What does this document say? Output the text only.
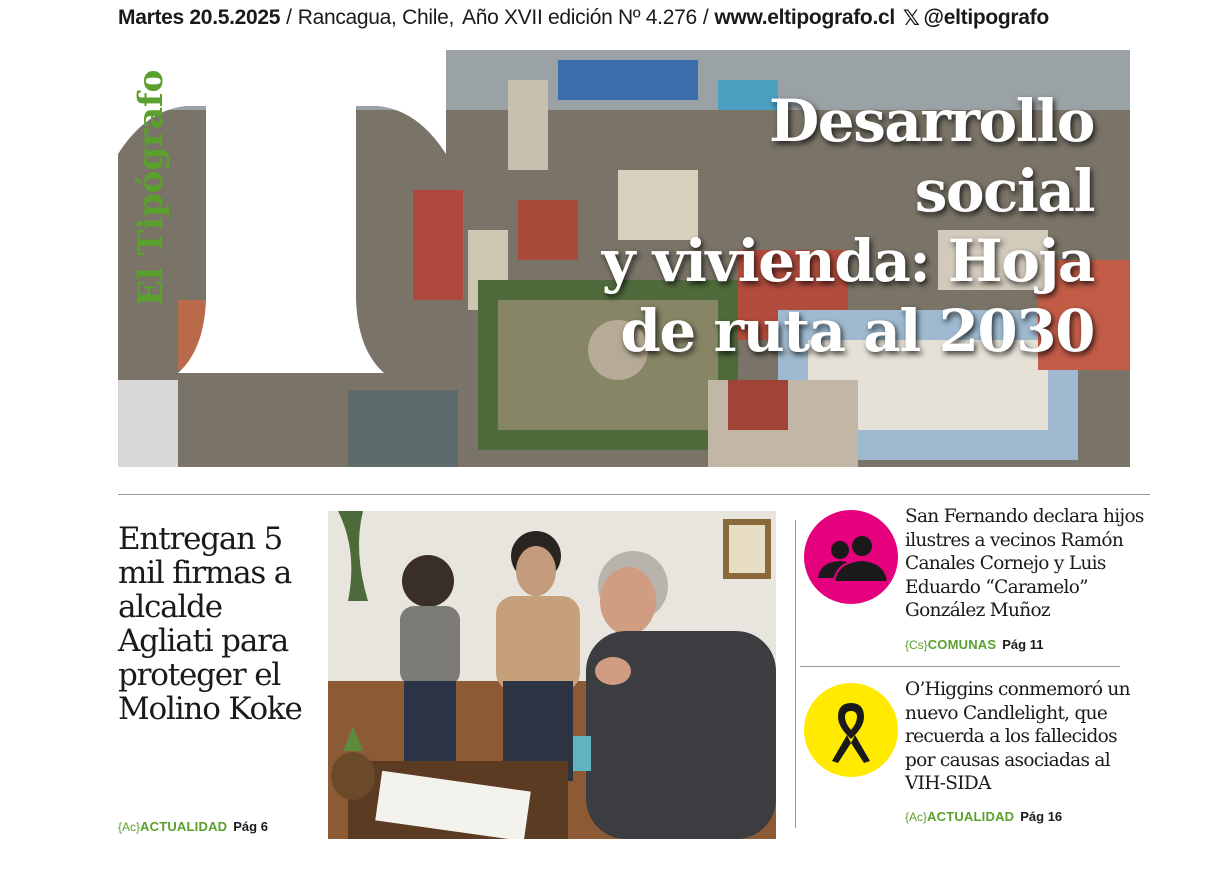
Martes 20.5.2025 / Rancagua, Chile, Año XVII edición Nº 4.276 / www.eltipografo.cl 𝕏 @eltipografo
El Tipógrafo	Desarrollo social
y vivienda: Hoja
de ruta al 2030
Entregan 5 mil firmas a alcalde Agliati para proteger el Molino Koke
{Ac}ACTUALIDAD Pág 6
San Fernando declara hijos ilustres a vecinos Ramón Canales Cornejo y Luis Eduardo “Caramelo” González Muñoz
{Cs}COMUNAS Pág 11
O’Higgins conmemoró un nuevo Candlelight, que recuerda a los fallecidos por causas asociadas al VIH-SIDA
{Ac}ACTUALIDAD Pág 16
